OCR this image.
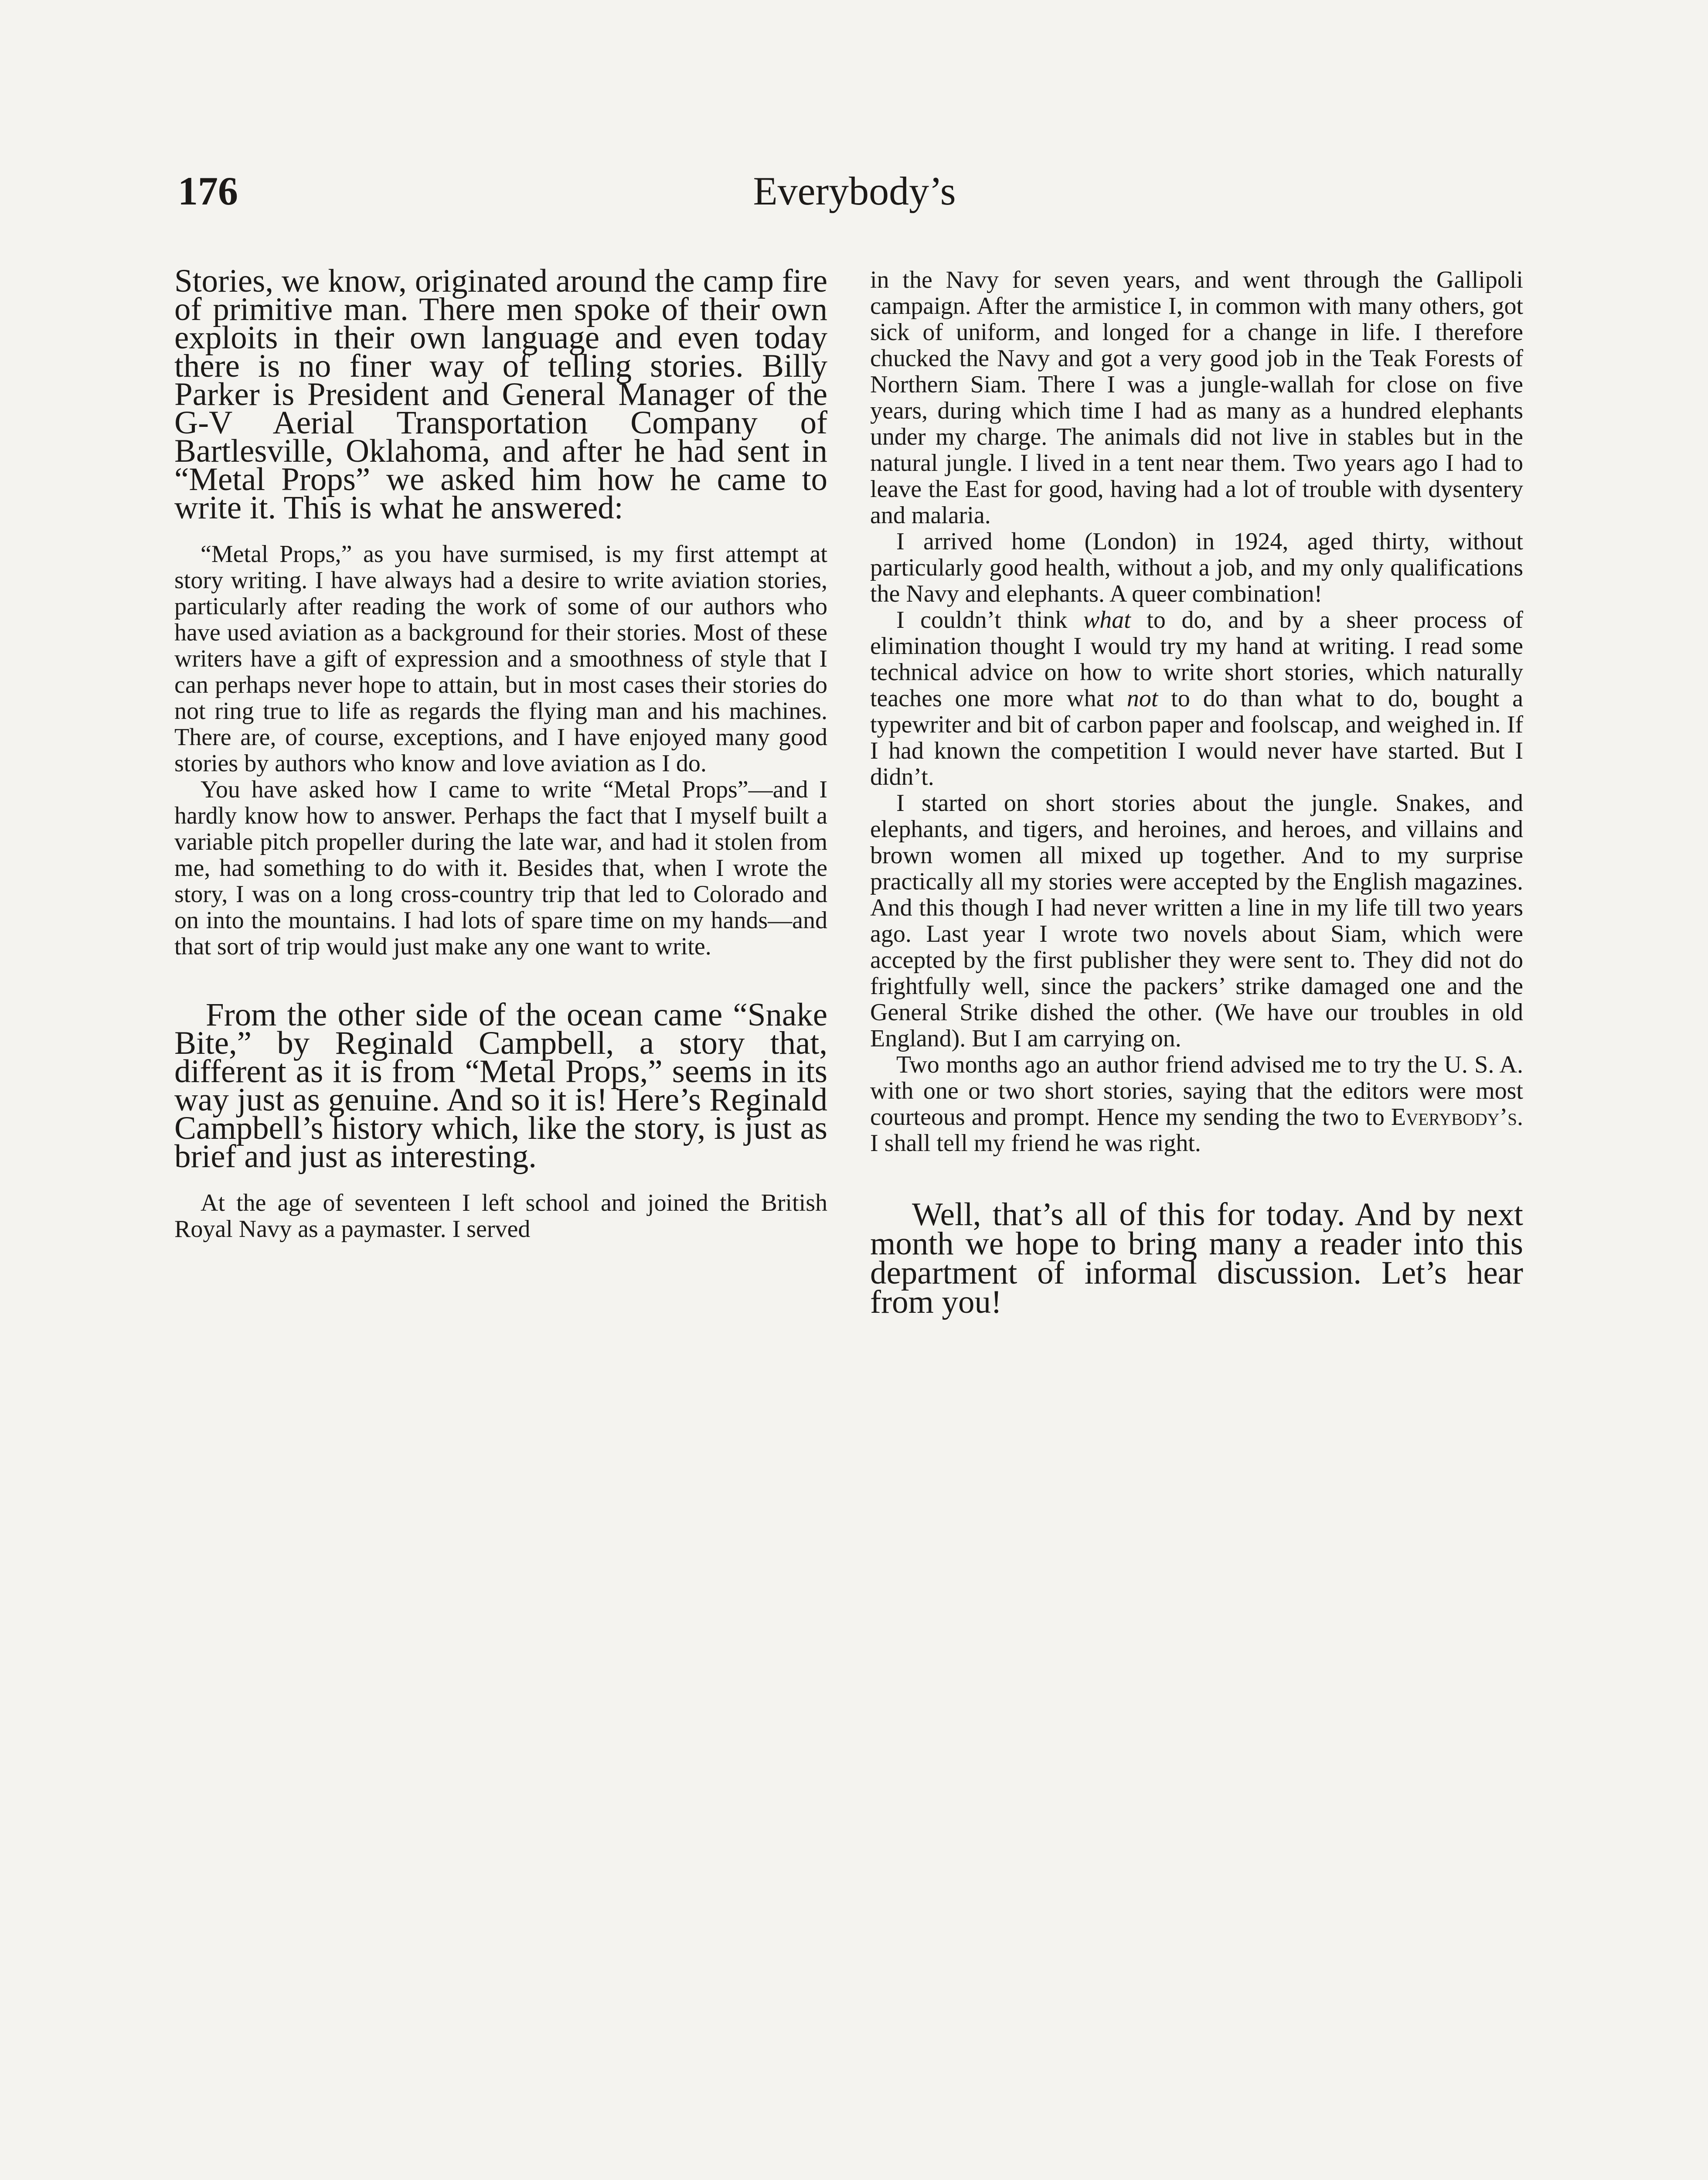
176	Everybody’s

Stories, we know, originated around the camp fire of primitive man. There men spoke of their own exploits in their own language and even today there is no finer way of telling stories. Billy Parker is President and General Manager of the G-V Aerial Transportation Company of Bartlesville, Oklahoma, and after he had sent in “Metal Props” we asked him how he came to write it. This is what he answered:

“Metal Props,” as you have surmised, is my first attempt at story writing. I have always had a desire to write aviation stories, particularly after reading the work of some of our authors who have used aviation as a background for their stories. Most of these writers have a gift of expression and a smoothness of style that I can perhaps never hope to attain, but in most cases their stories do not ring true to life as regards the flying man and his machines. There are, of course, exceptions, and I have enjoyed many good stories by authors who know and love aviation as I do.

You have asked how I came to write “Metal Props”—and I hardly know how to answer. Perhaps the fact that I myself built a variable pitch propeller during the late war, and had it stolen from me, had something to do with it. Besides that, when I wrote the story, I was on a long cross-country trip that led to Colorado and on into the mountains. I had lots of spare time on my hands—and that sort of trip would just make any one want to write.

From the other side of the ocean came “Snake Bite,” by Reginald Campbell, a story that, different as it is from “Metal Props,” seems in its way just as genuine. And so it is! Here’s Reginald Campbell’s history which, like the story, is just as brief and just as interesting.

At the age of seventeen I left school and joined the British Royal Navy as a paymaster. I served

in the Navy for seven years, and went through the Gallipoli campaign. After the armistice I, in common with many others, got sick of uniform, and longed for a change in life. I therefore chucked the Navy and got a very good job in the Teak Forests of Northern Siam. There I was a jungle-wallah for close on five years, during which time I had as many as a hundred elephants under my charge. The animals did not live in stables but in the natural jungle. I lived in a tent near them. Two years ago I had to leave the East for good, having had a lot of trouble with dysentery and malaria.

I arrived home (London) in 1924, aged thirty, without particularly good health, without a job, and my only qualifications the Navy and elephants. A queer combination!

I couldn’t think what to do, and by a sheer process of elimination thought I would try my hand at writing. I read some technical advice on how to write short stories, which naturally teaches one more what not to do than what to do, bought a typewriter and bit of carbon paper and foolscap, and weighed in. If I had known the competition I would never have started. But I didn’t.

I started on short stories about the jungle. Snakes, and elephants, and tigers, and heroines, and heroes, and villains and brown women all mixed up together. And to my surprise practically all my stories were accepted by the English magazines. And this though I had never written a line in my life till two years ago. Last year I wrote two novels about Siam, which were accepted by the first publisher they were sent to. They did not do frightfully well, since the packers’ strike damaged one and the General Strike dished the other. (We have our troubles in old England). But I am carrying on.

Two months ago an author friend advised me to try the U. S. A. with one or two short stories, saying that the editors were most courteous and prompt. Hence my sending the two to Everybody’s. I shall tell my friend he was right.

Well, that’s all of this for today. And by next month we hope to bring many a reader into this department of informal discussion. Let’s hear from you!
